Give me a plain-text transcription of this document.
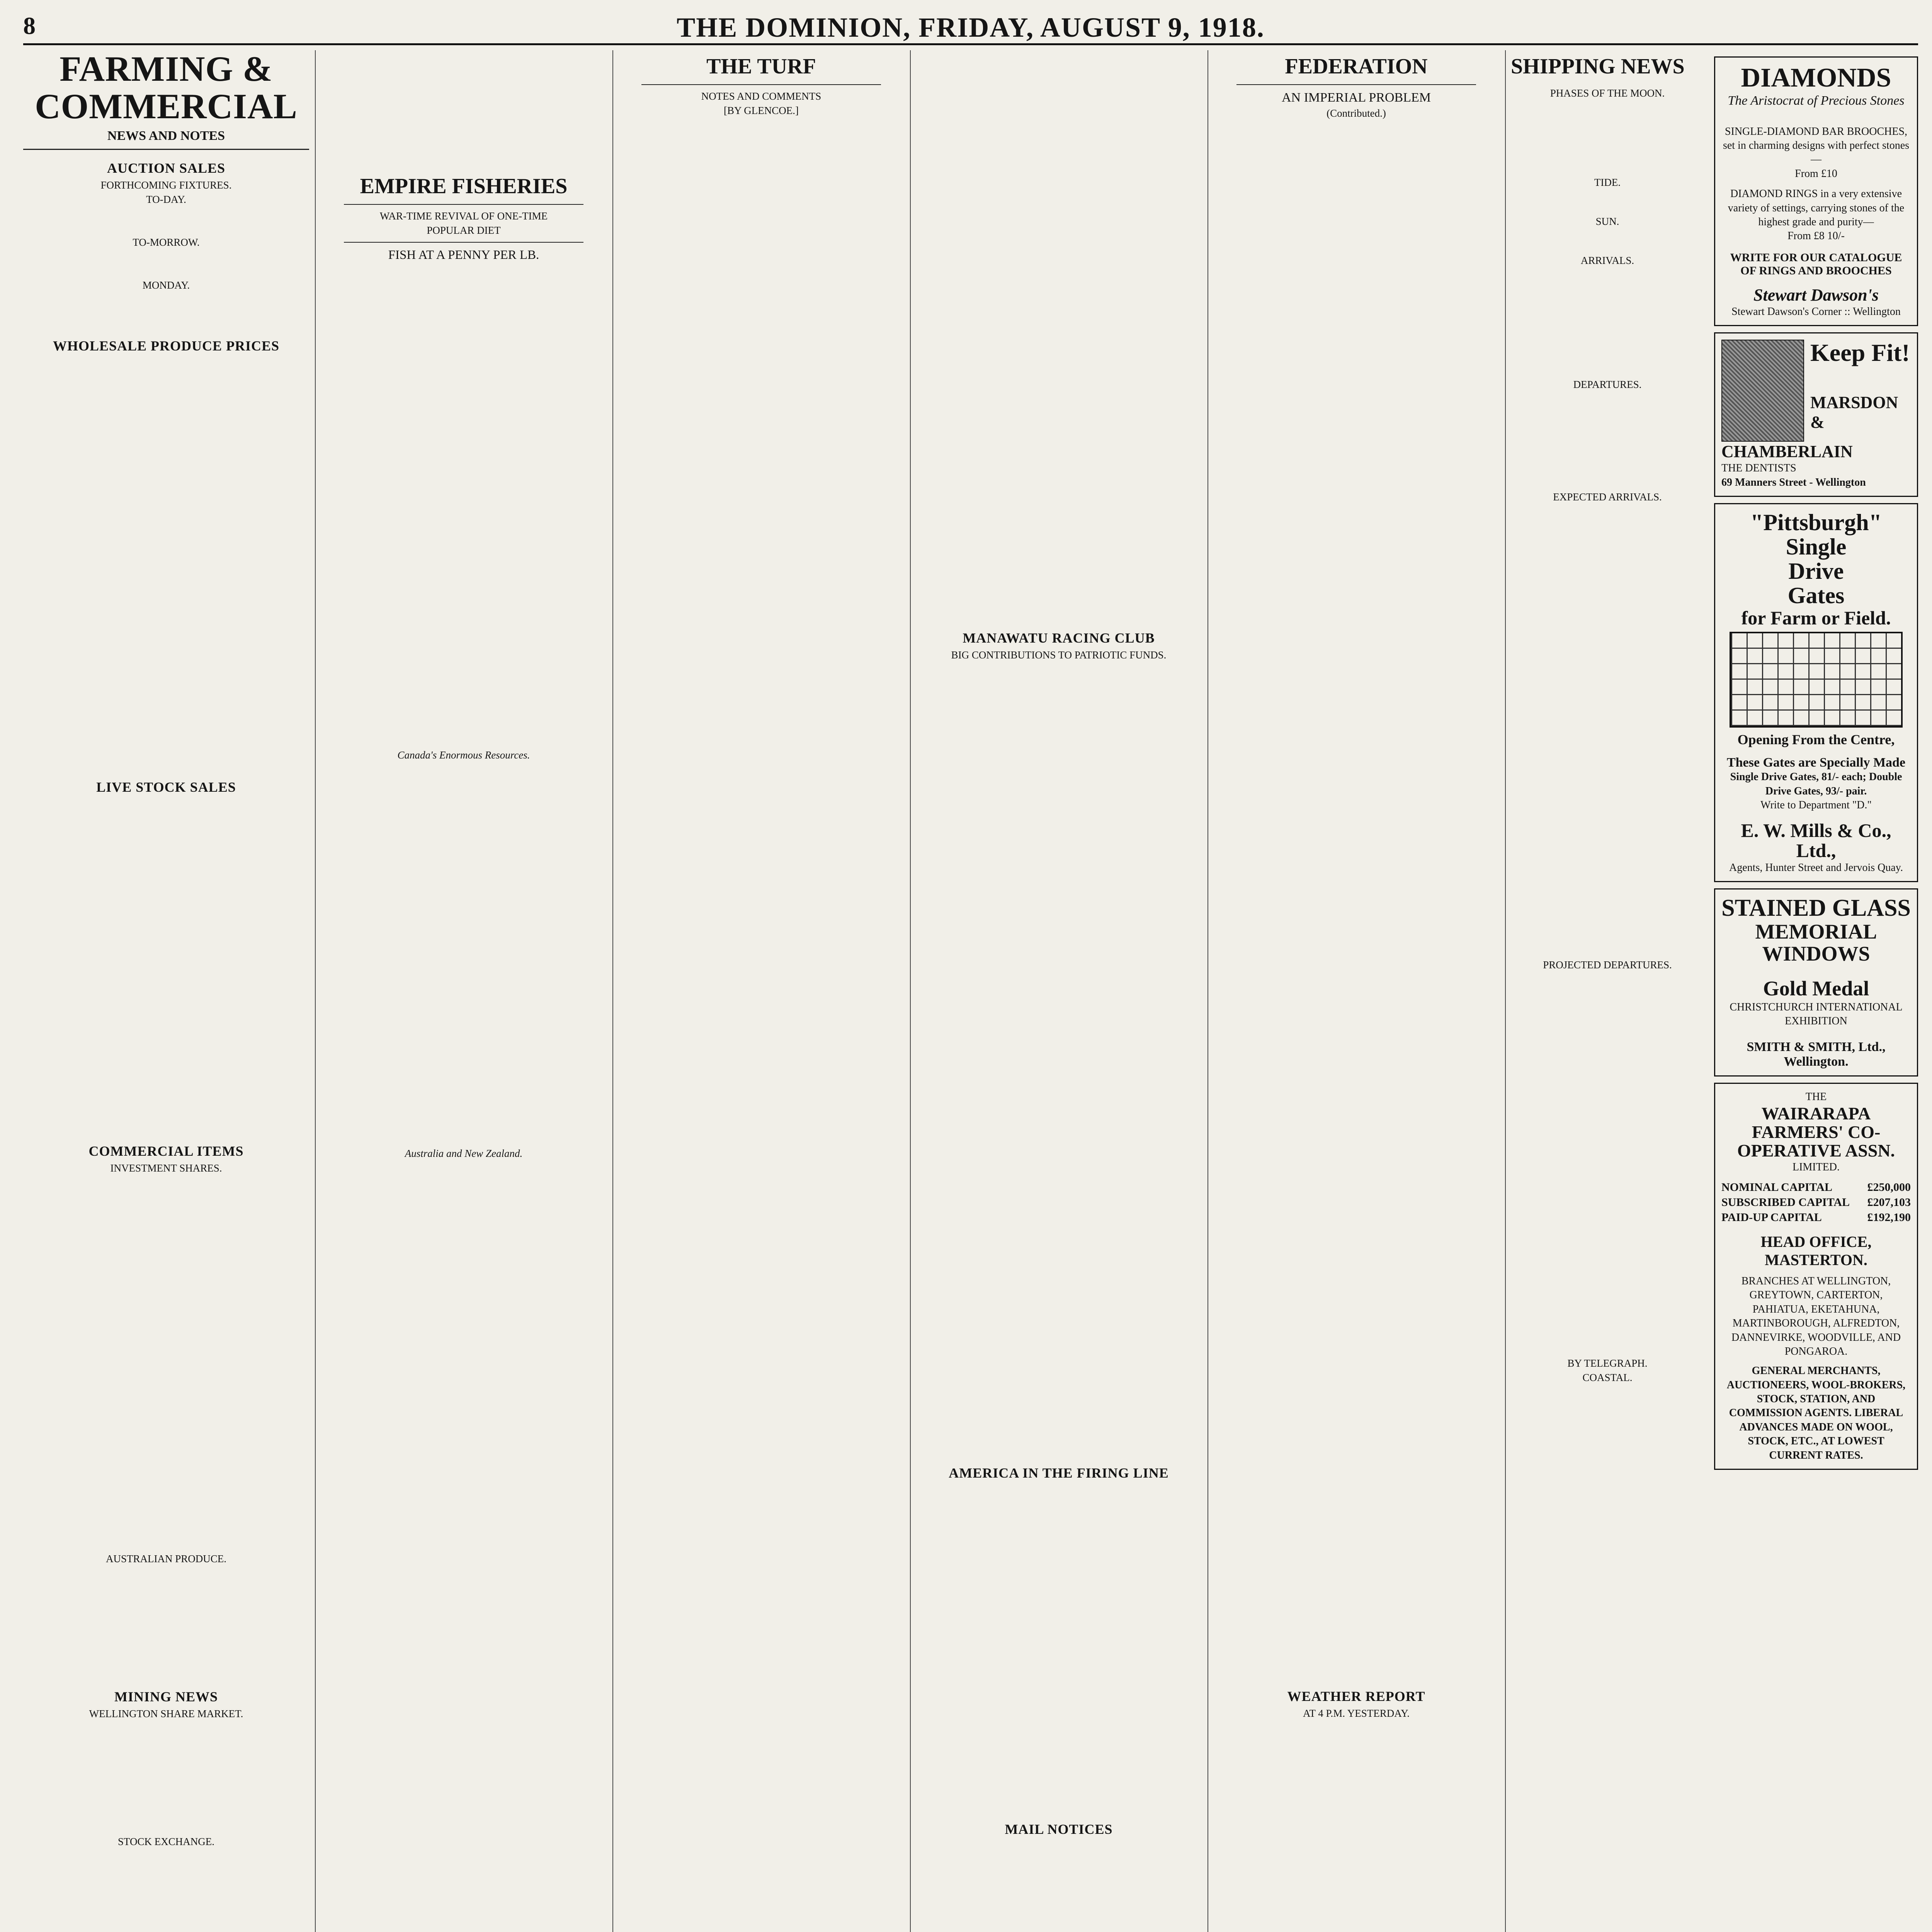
8	THE DOMINION, FRIDAY, AUGUST 9, 1918.
FARMING & COMMERCIAL
NEWS AND NOTES
AUCTION SALES
FORTHCOMING FIXTURES.
TO-DAY.
TO-MORROW.
MONDAY.
WHOLESALE PRODUCE PRICES
LIVE STOCK SALES
COMMERCIAL ITEMS
INVESTMENT SHARES.
AUSTRALIAN PRODUCE.
MINING NEWS
WELLINGTON SHARE MARKET.
STOCK EXCHANGE.
EMPIRE FISHERIES
WAR-TIME REVIVAL OF ONE-TIME
POPULAR DIET
FISH AT A PENNY PER LB.
Canada's Enormous Resources.
Australia and New Zealand.
THE TURF
NOTES AND COMMENTS
[BY GLENCOE.]
MANAWATU RACING CLUB
BIG CONTRIBUTIONS TO PATRIOTIC FUNDS.
AMERICA IN THE FIRING LINE
MAIL NOTICES
FEDERATION
AN IMPERIAL PROBLEM
(Contributed.)
WEATHER REPORT
AT 4 P.M. YESTERDAY.
SHIPPING NEWS
PHASES OF THE MOON.
TIDE.
SUN.
ARRIVALS.
DEPARTURES.
EXPECTED ARRIVALS.
PROJECTED DEPARTURES.
BY TELEGRAPH.
COASTAL.
DIAMONDS
The Aristocrat of Precious Stones
SINGLE-DIAMOND BAR BROOCHES, set in charming designs with perfect stones—
From £10
DIAMOND RINGS in a very extensive variety of settings, carrying stones of the highest grade and purity—
From £8 10/-
WRITE FOR OUR CATALOGUE OF RINGS AND BROOCHES
Stewart Dawson's
Stewart Dawson's Corner :: Wellington
Keep Fit!
MARSDON &
CHAMBERLAIN
THE DENTISTS
69 Manners Street - Wellington
"Pittsburgh"
Single
Drive
Gates
for Farm or Field.
Opening From the Centre,
These Gates are Specially Made
Single Drive Gates, 81/- each; Double Drive Gates, 93/- pair.
Write to Department "D."
E. W. Mills & Co., Ltd.,
Agents, Hunter Street and Jervois Quay.
STAINED GLASS
MEMORIAL WINDOWS
Gold Medal
CHRISTCHURCH INTERNATIONAL EXHIBITION
SMITH & SMITH, Ltd., Wellington.
THE
WAIRARAPA FARMERS' CO-OPERATIVE ASSN.
LIMITED.
NOMINAL CAPITAL	£250,000
SUBSCRIBED CAPITAL £207,103
PAID-UP CAPITAL	£192,190
HEAD OFFICE, MASTERTON.
BRANCHES AT WELLINGTON, GREYTOWN, CARTERTON, PAHIATUA, EKETAHUNA, MARTINBOROUGH, ALFREDTON, DANNEVIRKE, WOODVILLE, AND PONGAROA.
GENERAL MERCHANTS, AUCTIONEERS, WOOL-BROKERS, STOCK, STATION, AND COMMISSION AGENTS. LIBERAL ADVANCES MADE ON WOOL, STOCK, ETC., AT LOWEST CURRENT RATES.
